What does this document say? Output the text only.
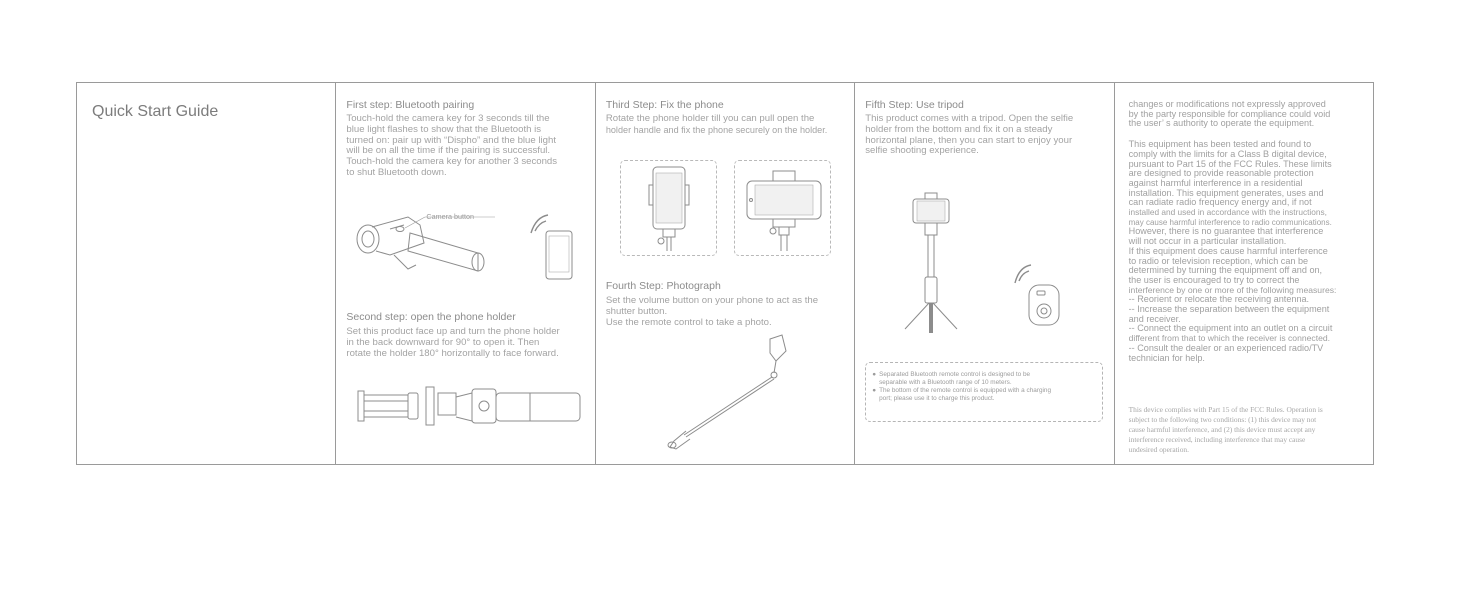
Quick Start Guide	First step: Bluetooth pairing

Touch-hold the camera key for 3 seconds till the
blue light flashes to show that the Bluetooth is
turned on: pair up with “Dispho” and the blue light
will be on all the time if the pairing is successful.
Touch-hold the camera key for another 3 seconds
to shut Bluetooth down.

Camera button
Second step: open the phone holder

Set this product face up and turn the phone holder
in the back downward for 90° to open it. Then
rotate the holder 180° horizontally to face forward.

Third Step: Fix the phone

Rotate the phone holder till you can pull open the
holder handle and fix the phone securely on the holder.

Fourth Step: Photograph

Set the volume button on your phone to act as the
shutter button.
Use the remote control to take a photo.

Fifth Step: Use tripod

This product comes with a tripod. Open the selfie
holder from the bottom and fix it on a steady
horizontal plane, then you can start to enjoy your
selfie shooting experience.

● Separated Bluetooth remote control is designed to be
separable with a Bluetooth range of 10 meters.
● The bottom of the remote control is equipped with a charging
port; please use it to charge this product.
changes or modifications not expressly approved
by the party responsible for compliance could void
the user’ s authority to operate the equipment.
This equipment has been tested and found to
comply with the limits for a Class B digital device,
pursuant to Part 15 of the FCC Rules. These limits
are designed to provide reasonable protection
against harmful interference in a residential
installation. This equipment generates, uses and
can radiate radio frequency energy and, if not
installed and used in accordance with the instructions,
may cause harmful interference to radio communications.
However, there is no guarantee that interference
will not occur in a particular installation.
If this equipment does cause harmful interference
to radio or television reception, which can be
determined by turning the equipment off and on,
the user is encouraged to try to correct the
interference by one or more of the following measures:
-- Reorient or relocate the receiving antenna.
-- Increase the separation between the equipment
and receiver.
-- Connect the equipment into an outlet on a circuit
different from that to which the receiver is connected.
-- Consult the dealer or an experienced radio/TV
technician for help.
This device complies with Part 15 of the FCC Rules. Operation is
subject to the following two conditions: (1) this device may not
cause harmful interference, and (2) this device must accept any
interference received, including interference that may cause
undesired operation.
